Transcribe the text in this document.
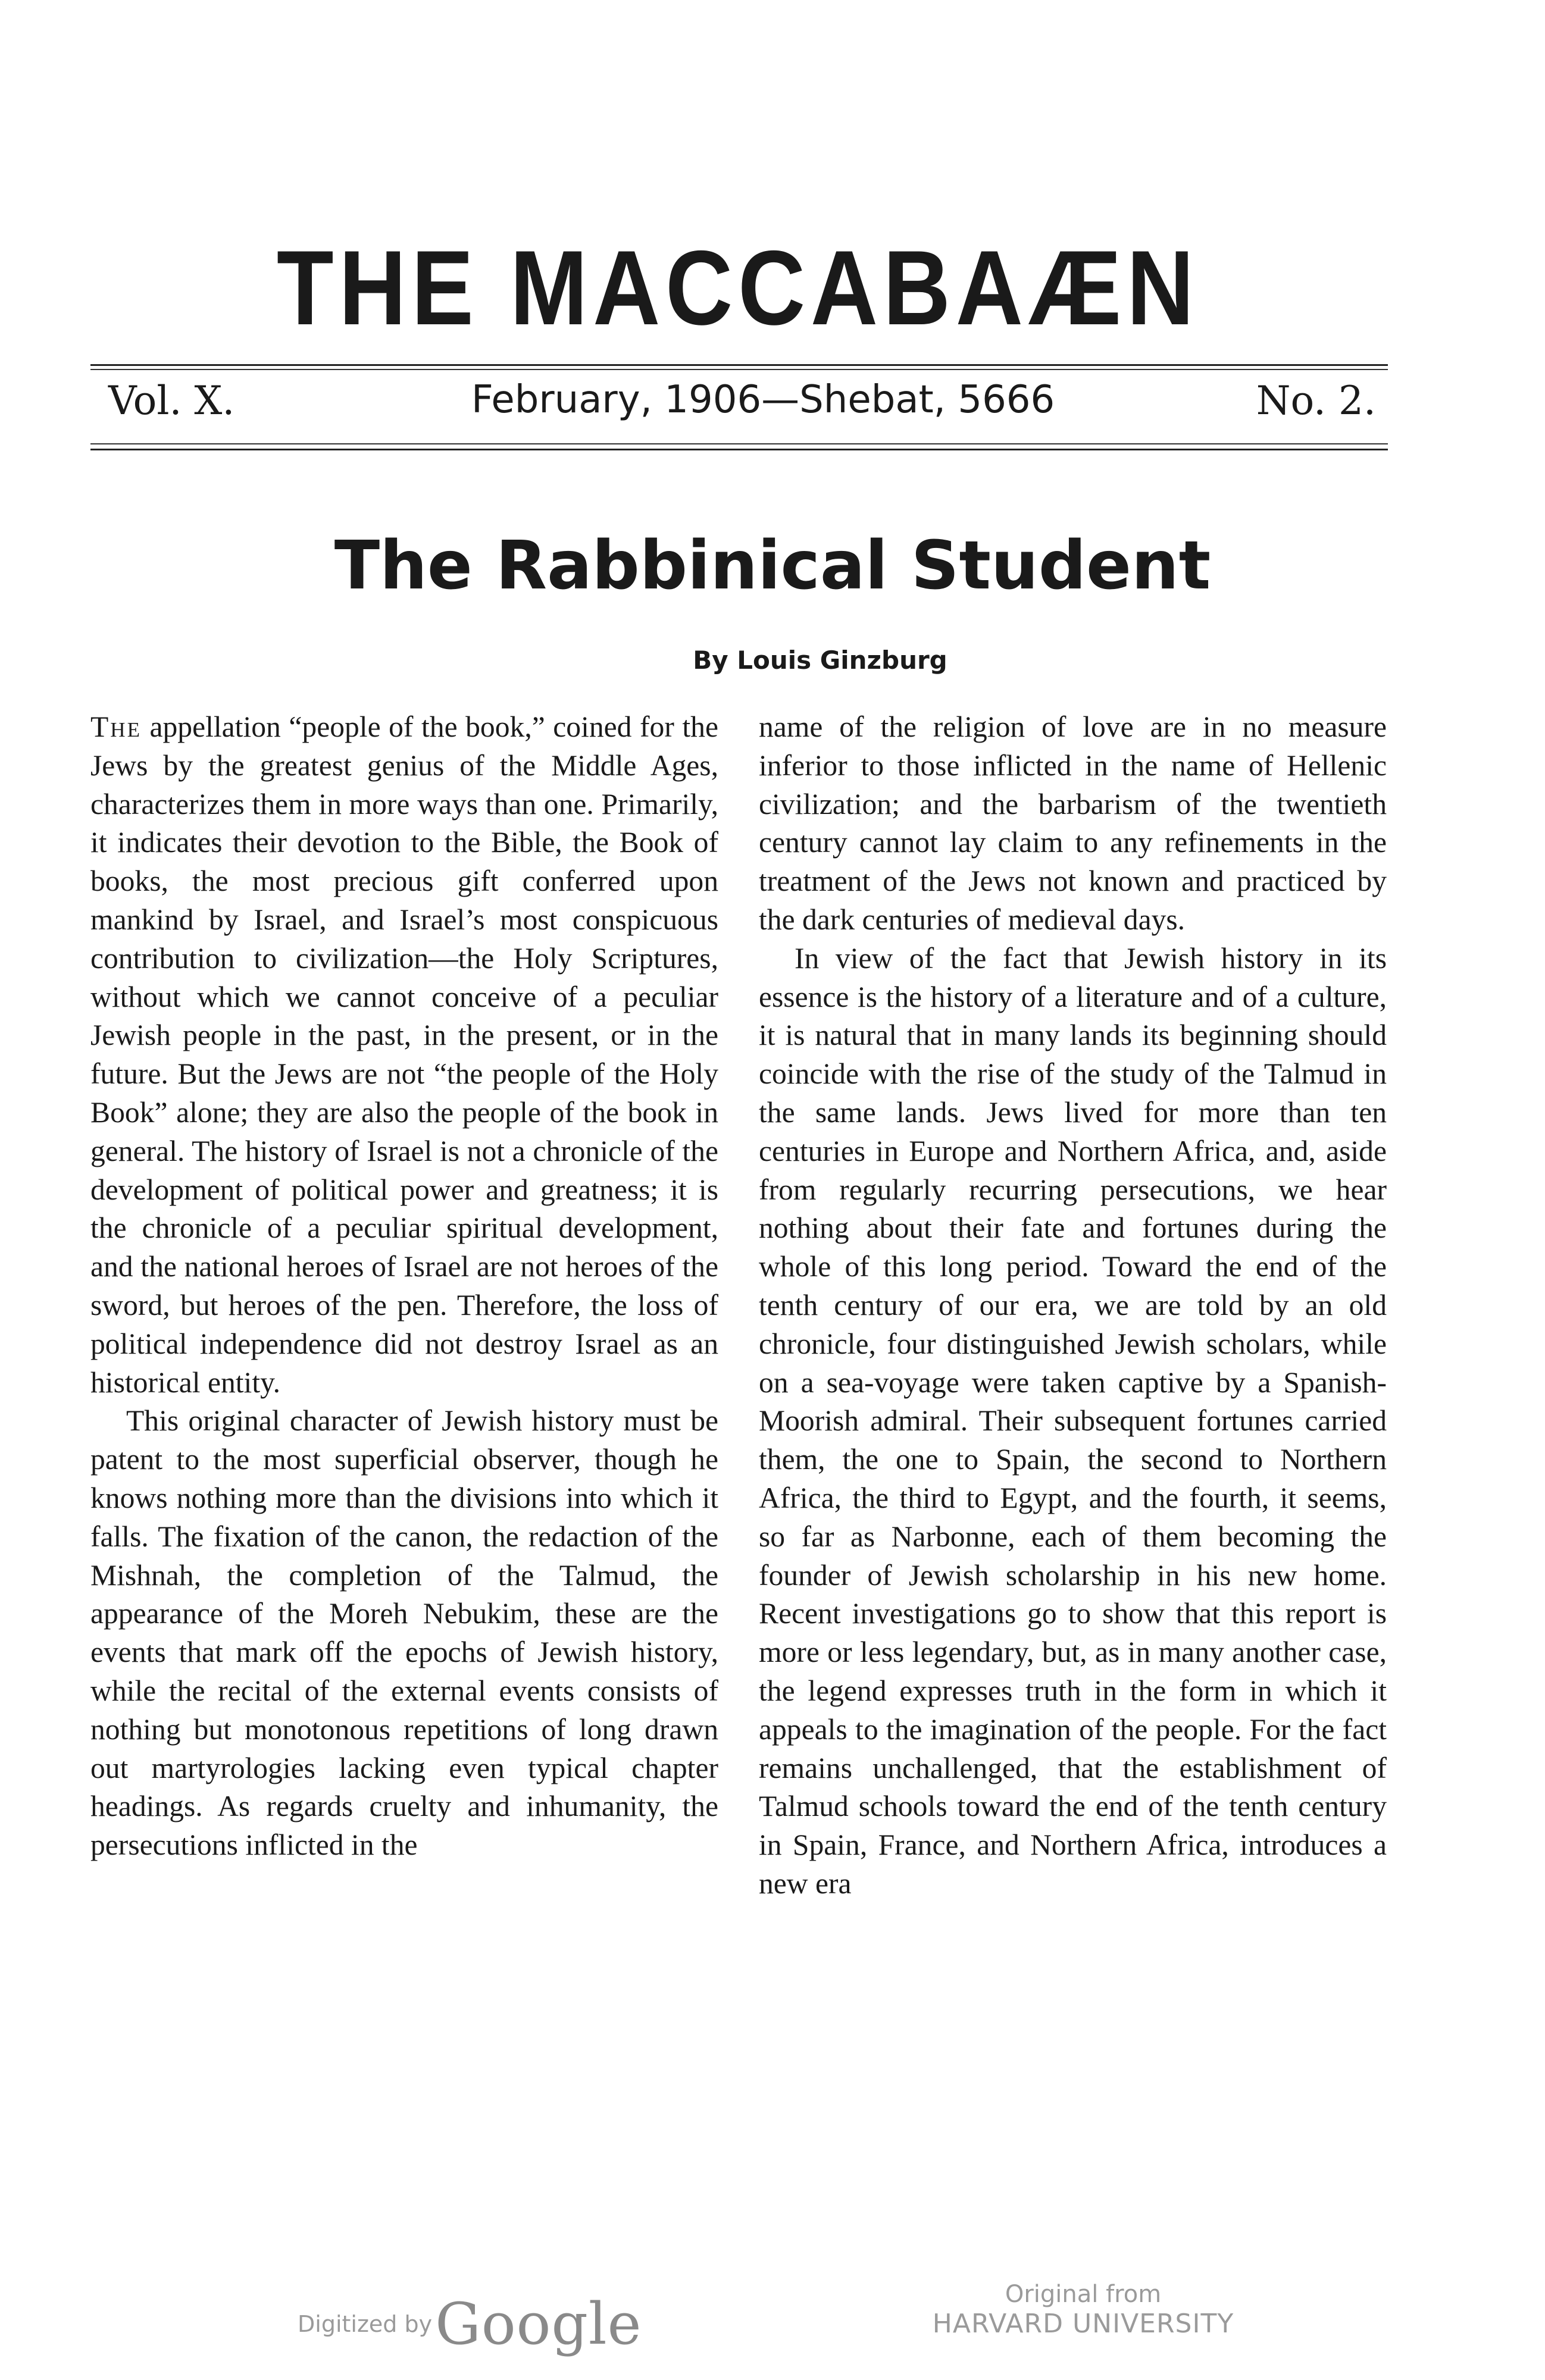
THE MACCABAÆN
Vol. X.	February, 1906—Shebat, 5666	No. 2.
The Rabbinical Student
By Louis Ginzburg

The appellation “people of the book,” coined for the Jews by the greatest genius of the Middle Ages, characterizes them in more ways than one. Primarily, it indicates their devotion to the Bible, the Book of books, the most precious gift conferred upon mankind by Israel, and Israel’s most conspicuous contribution to civilization—the Holy Scriptures, without which we cannot conceive of a peculiar Jewish people in the past, in the present, or in the future. But the Jews are not “the people of the Holy Book” alone; they are also the people of the book in general. The history of Israel is not a chronicle of the development of political power and greatness; it is the chronicle of a peculiar spiritual development, and the national heroes of Israel are not heroes of the sword, but heroes of the pen. Therefore, the loss of political independence did not destroy Israel as an historical entity.

This original character of Jewish history must be patent to the most superficial observer, though he knows nothing more than the divisions into which it falls. The fixation of the canon, the redaction of the Mishnah, the completion of the Talmud, the appearance of the Moreh Nebukim, these are the events that mark off the epochs of Jewish history, while the recital of the external events consists of nothing but monotonous repetitions of long drawn out martyrologies lacking even typical chapter headings. As regards cruelty and inhumanity, the persecutions inflicted in the

name of the religion of love are in no measure inferior to those inflicted in the name of Hellenic civilization; and the barbarism of the twentieth century cannot lay claim to any refinements in the treatment of the Jews not known and practiced by the dark centuries of medieval days.

In view of the fact that Jewish history in its essence is the history of a literature and of a culture, it is natural that in many lands its beginning should coincide with the rise of the study of the Talmud in the same lands. Jews lived for more than ten centuries in Europe and Northern Africa, and, aside from regularly recurring persecutions, we hear nothing about their fate and fortunes during the whole of this long period. Toward the end of the tenth century of our era, we are told by an old chronicle, four distinguished Jewish scholars, while on a sea-voyage were taken captive by a Spanish-Moorish admiral. Their subsequent fortunes carried them, the one to Spain, the second to Northern Africa, the third to Egypt, and the fourth, it seems, so far as Narbonne, each of them becoming the founder of Jewish scholarship in his new home. Recent investigations go to show that this report is more or less legendary, but, as in many another case, the legend expresses truth in the form in which it appeals to the imagination of the people. For the fact remains unchallenged, that the establishment of Talmud schools toward the end of the tenth century in Spain, France, and Northern Africa, introduces a new era

Digitized by Google	Original from
HARVARD UNIVERSITY
